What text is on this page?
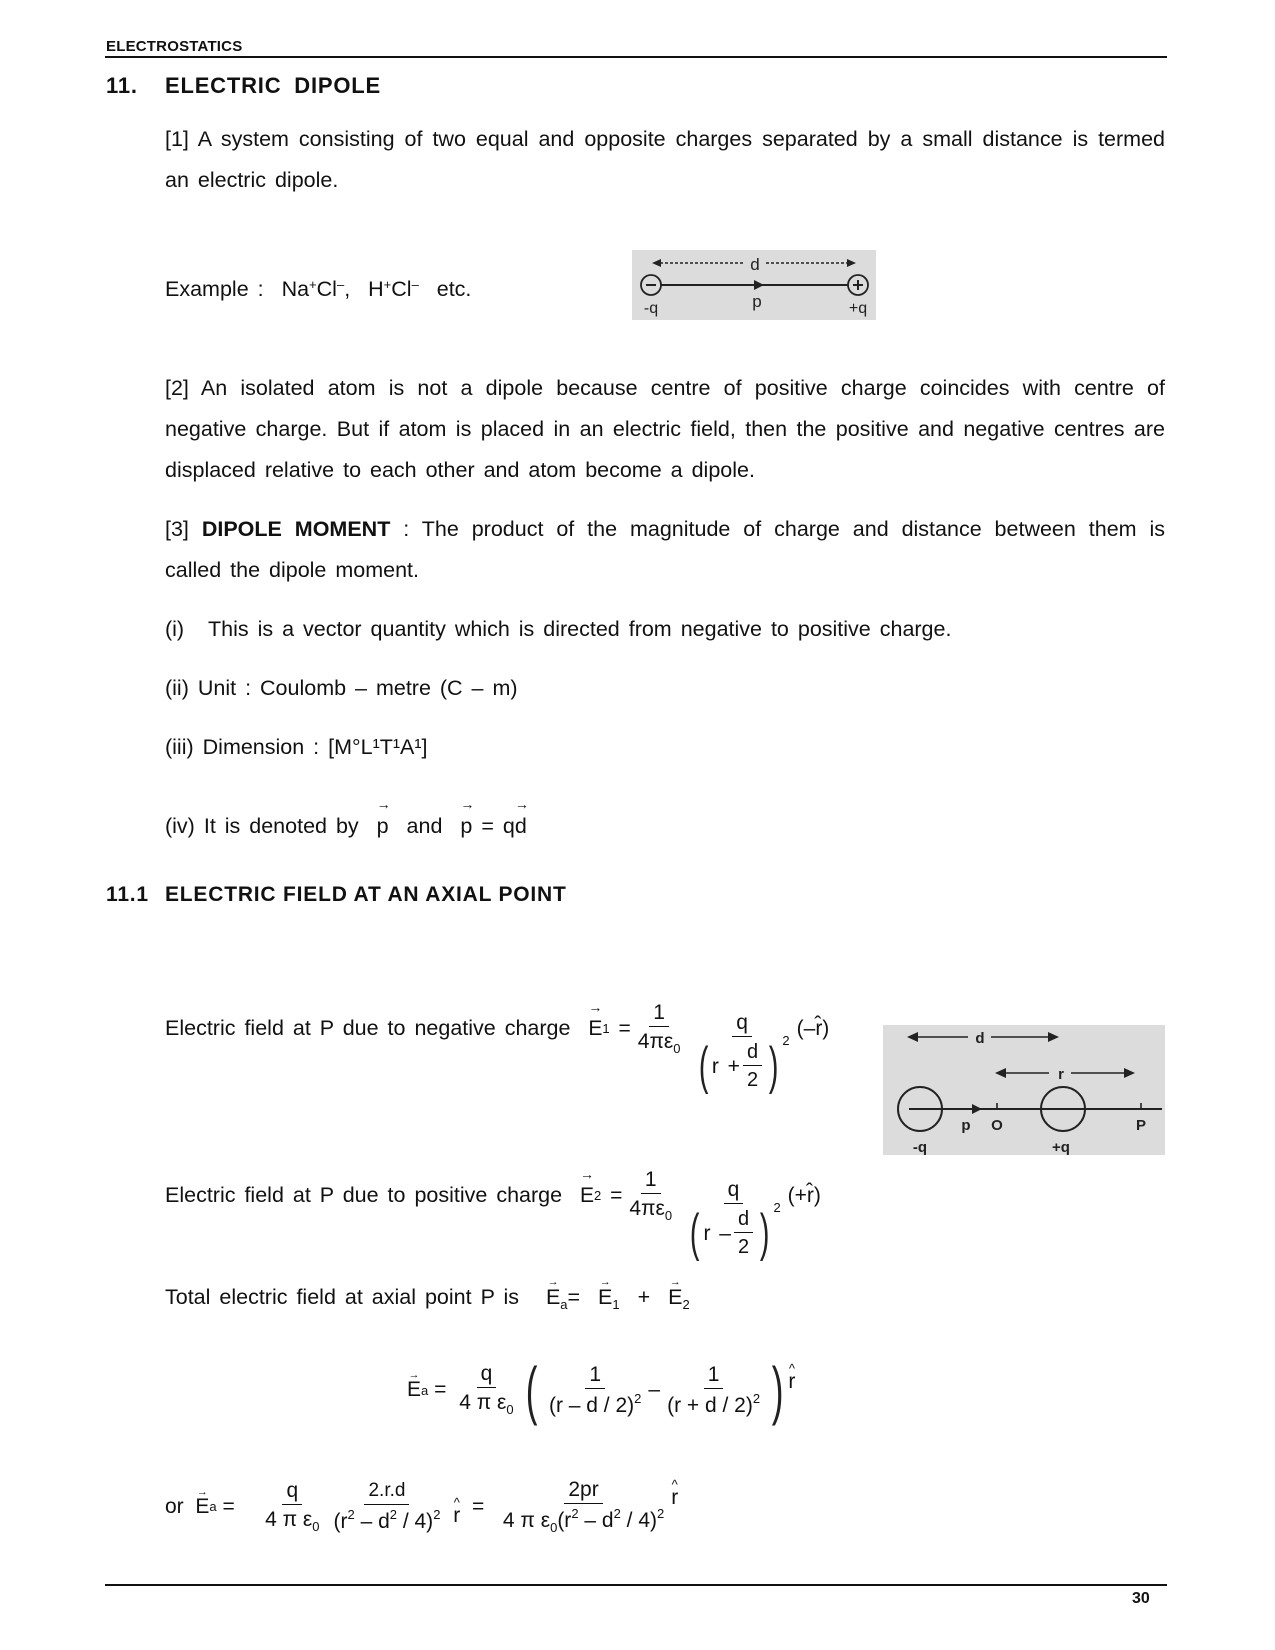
ELECTROSTATICS
11. ELECTRIC DIPOLE
[1] A system consisting of two equal and opposite charges separated by a small distance is termed an electric dipole.
Example : Na+Cl–, H+Cl– etc.
d
-q	p	+q
[2] An isolated atom is not a dipole because centre of positive charge coincides with centre of negative charge. But if atom is placed in an electric field, then the positive and negative centres are displaced relative to each other and atom become a dipole.
[3] DIPOLE MOMENT : The product of the magnitude of charge and distance between them is called the dipole moment.
(i) This is a vector quantity which is directed from negative to positive charge.
(ii) Unit : Coulomb – metre (C – m)
(iii) Dimension : [M°L¹T¹A¹]
(iv) It is denoted by
→
p and
→
p = q
→
d
11.1 ELECTRIC FIELD AT AN AXIAL POINT
Electric field at P due to negative charge

→
E 1
= $\frac{1}{4\pi\varepsilon_0} \frac{q}{( r + \frac{d}{2} ) 2}$ (–r̂)	d
r
p O	P
-q	+q
Electric field at P due to positive charge

→
E 2
= $\frac{1}{4\pi\varepsilon_0} \frac{q}{( r - \frac{d}{2} ) 2}$ (+r̂)
Total electric field at axial point P is
→
$E_a=$
→
$E_1$ +
→
$E_2$
→
E a
=
$\frac{q}{4 \pi \varepsilon_0}$ ( $\frac{1}{(r - d / 2)^2} - \frac{1}{(r + d / 2)^2}$ ) ^ r
or

→
E a
=
$\frac{q}{4 \pi \varepsilon_0} \frac{2.r.d}{(r^2 - d^2 / 4)^2}$
^ r
=
$\frac{2pr}{4 \pi \varepsilon_0(r^2 - d^2 / 4)^2}$ ^ r
30
